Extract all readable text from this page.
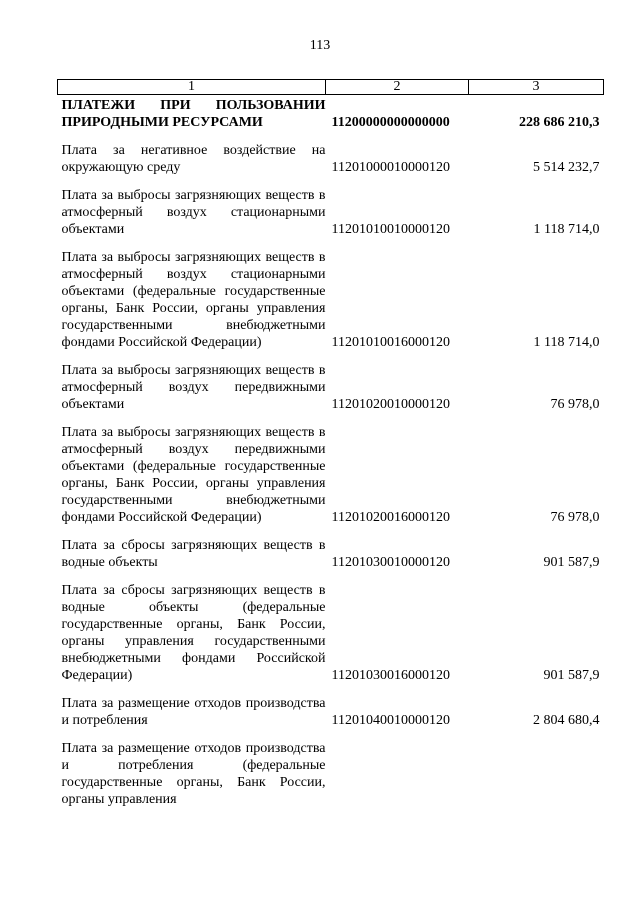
113
1	2	3
ПЛАТЕЖИ ПРИ ПОЛЬЗОВАНИИ ПРИРОДНЫМИ РЕСУРСАМИ	11200000000000000	228 686 210,3
Плата за негативное воздействие на окружающую среду	11201000010000120	5 514 232,7
Плата за выбросы загрязняющих веществ в атмосферный воздух стационарными объектами	11201010010000120	1 118 714,0
Плата за выбросы загрязняющих веществ в атмосферный воздух стационарными объектами (федеральные государственные органы, Банк России, органы управления государственными внебюджетными фондами Российской Федерации)	11201010016000120	1 118 714,0
Плата за выбросы загрязняющих веществ в атмосферный воздух передвижными объектами	11201020010000120	76 978,0
Плата за выбросы загрязняющих веществ в атмосферный воздух передвижными объектами (федеральные государственные органы, Банк России, органы управления государственными внебюджетными фондами Российской Федерации)	11201020016000120	76 978,0
Плата за сбросы загрязняющих веществ в водные объекты	11201030010000120	901 587,9
Плата за сбросы загрязняющих веществ в водные объекты (федеральные государственные органы, Банк России, органы управления государственными внебюджетными фондами Российской Федерации)	11201030016000120	901 587,9
Плата за размещение отходов производства и потребления	11201040010000120	2 804 680,4
Плата за размещение отходов производства и потребления (федеральные государственные органы, Банк России, органы управления		
